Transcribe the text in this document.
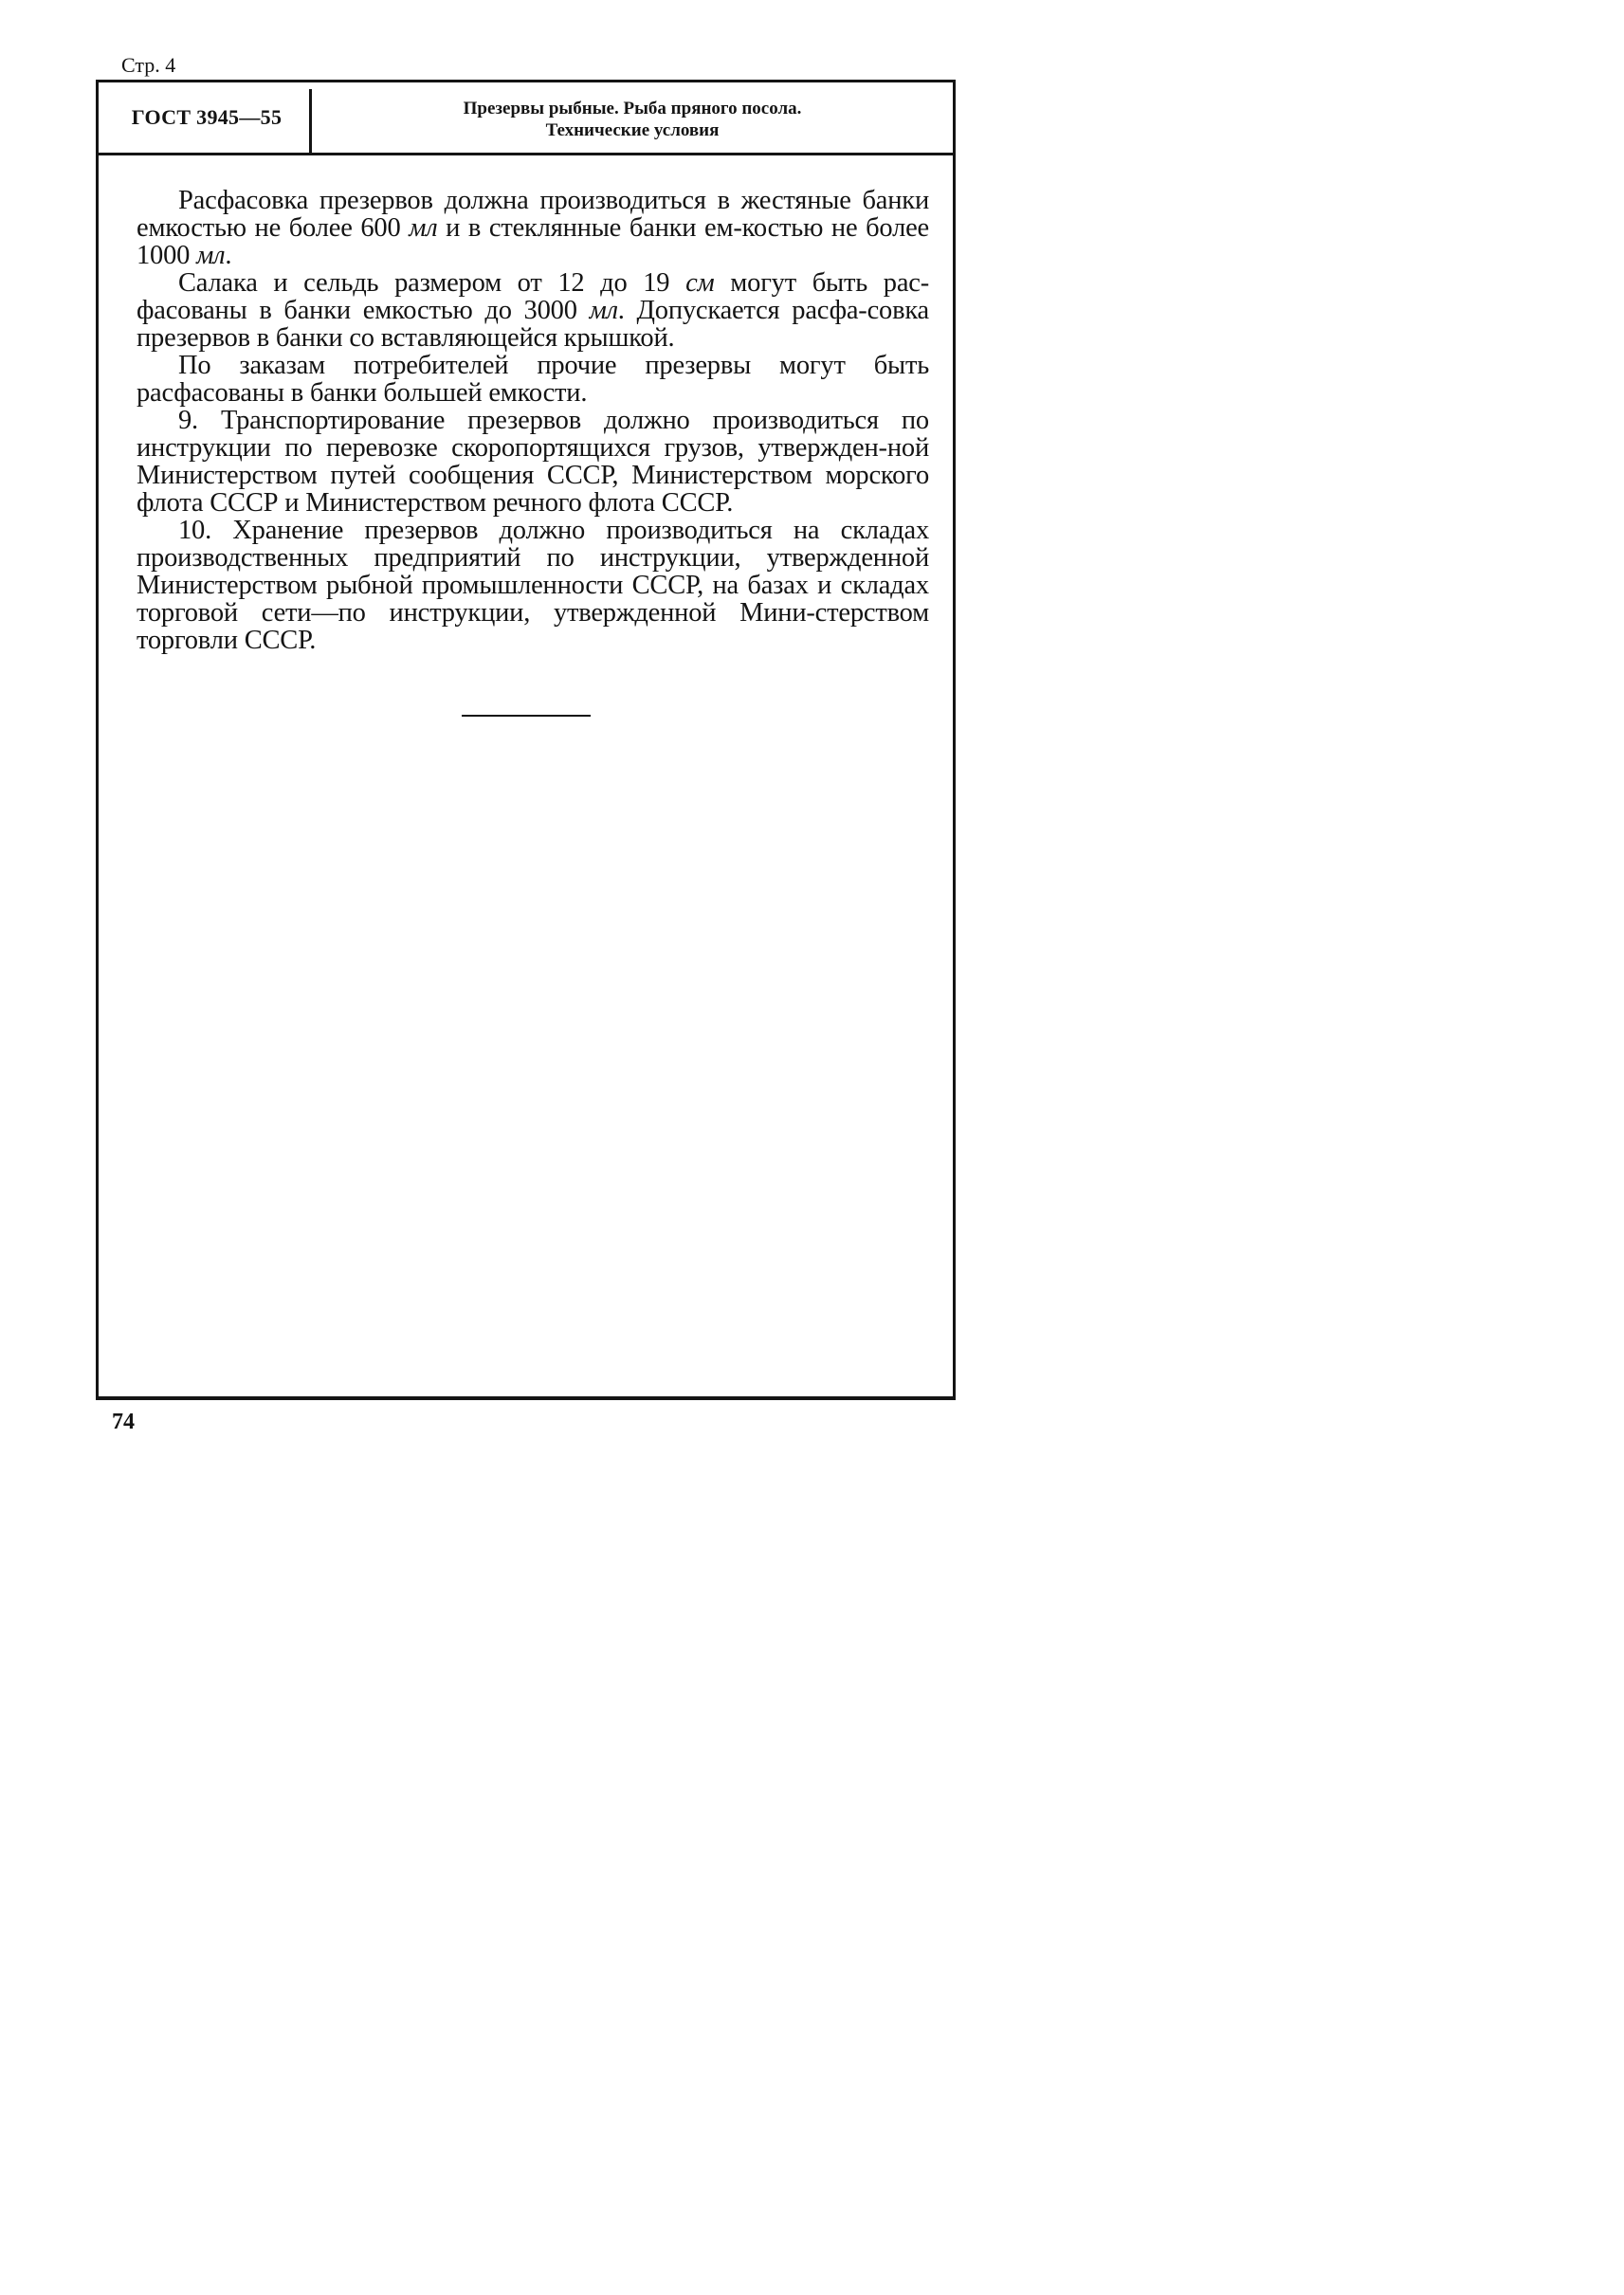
Стр. 4
ГОСТ 3945—55	Презервы рыбные. Рыба пряного посола.
Технические условия

Расфасовка презервов должна производиться в жестяные банки емкостью не более 600 мл и в стеклянные банки ем-костью не более 1000 мл.

Салака и сельдь размером от 12 до 19 см могут быть рас-фасованы в банки емкостью до 3000 мл. Допускается расфа-совка презервов в банки со вставляющейся крышкой.

По заказам потребителей прочие презервы могут быть расфасованы в банки большей емкости.

9. Транспортирование презервов должно производиться по инструкции по перевозке скоропортящихся грузов, утвержден-ной Министерством путей сообщения СССР, Министерством морского флота СССР и Министерством речного флота СССР.

10. Хранение презервов должно производиться на складах производственных предприятий по инструкции, утвержденной Министерством рыбной промышленности СССР, на базах и складах торговой сети—по инструкции, утвержденной Мини-стерством торговли СССР.

74
